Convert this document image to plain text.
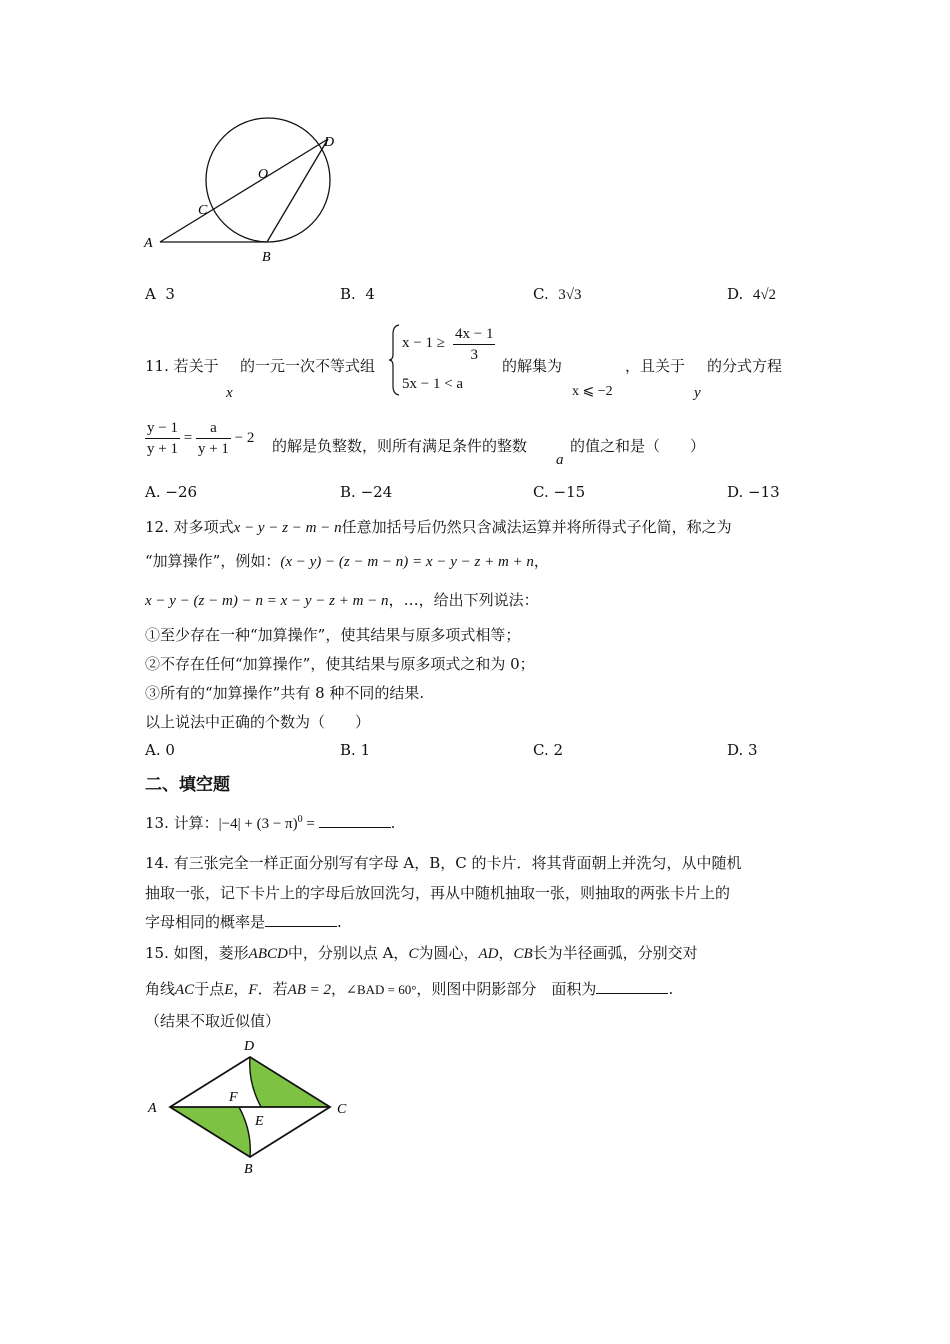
D
O
C
A
B
A 3	B. 4	C. 3√3	D. 4√2
11. 若关于
x
的一元一次不等式组
$x - 1 \ge \frac{4x - 1}{3}$
5x − 1 < a
的解集为
x ⩽ −2
，且关于
y
的分式方程
$\frac{y - 1}{y + 1} = \frac{a}{y + 1} - 2$ 的解是负整数，则所有满足条件的整数
a
的值之和是（　　）
A. −26	B. −24	C. −15	D. −13
12. 对多项式x − y − z − m − n任意加括号后仍然只含减法运算并将所得式子化简，称之为
“加算操作”，例如：(x − y) − (z − m − n) = x − y − z + m + n，
x − y − (z − m) − n = x − y − z + m − n，…，给出下列说法：
①至少存在一种“加算操作”，使其结果与原多项式相等；
②不存在任何“加算操作”，使其结果与原多项式之和为 0；
③所有的“加算操作”共有 8 种不同的结果.
以上说法中正确的个数为（　　）
A. 0	B. 1	C. 2	D. 3
二、填空题
13. 计算：$|-4| + (3 - \pi)^0$ =	.
14. 有三张完全一样正面分别写有字母 A，B，C 的卡片．将其背面朝上并洗匀，从中随机
抽取一张，记下卡片上的字母后放回洗匀，再从中随机抽取一张，则抽取的两张卡片上的
字母相同的概率是	.
15. 如图，菱形ABCD中，分别以点 A，C为圆心，AD，CB长为半径画弧，分别交对
角线AC于点E，F．若AB = 2，∠BAD = 60°，则图中阴影部分　面积为	.
（结果不取近似值）
D
A
F
C
E
B
